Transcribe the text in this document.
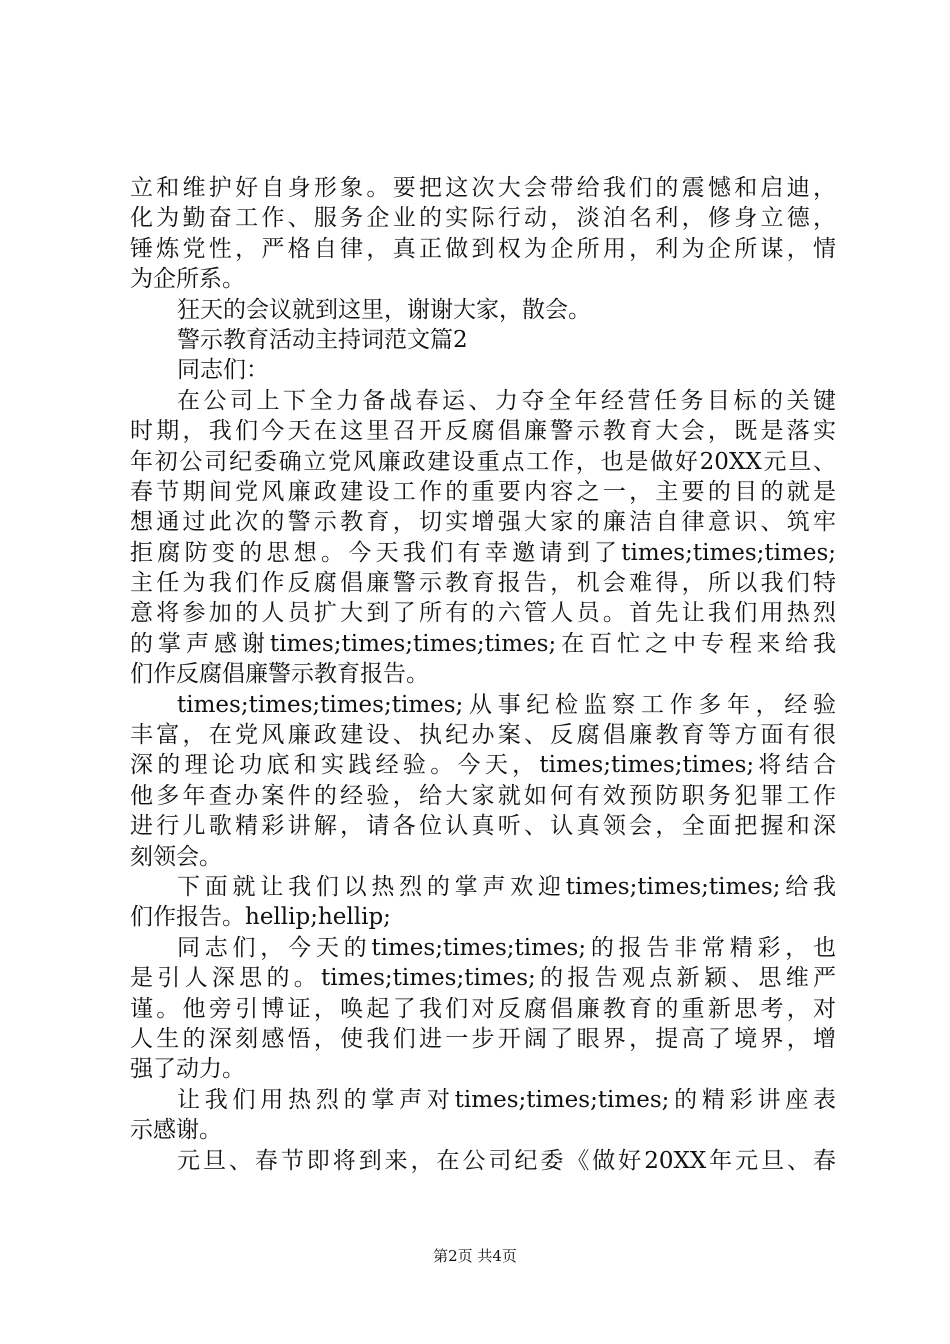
立和维护好自身形象。要把这次大会带给我们的震憾和启迪，
化为勤奋工作、服务企业的实际行动，淡泊名利，修身立德，
锤炼党性，严格自律，真正做到权为企所用，利为企所谋，情
为企所系。
狂天的会议就到这里，谢谢大家，散会。
警示教育活动主持词范文篇2
同志们：
在公司上下全力备战春运、力夺全年经营任务目标的关键
时期，我们今天在这里召开反腐倡廉警示教育大会，既是落实
年初公司纪委确立党风廉政建设重点工作，也是做好20XX元旦、
春节期间党风廉政建设工作的重要内容之一，主要的目的就是
想通过此次的警示教育，切实增强大家的廉洁自律意识、筑牢
拒腐防变的思想。今天我们有幸邀请到了times;times;times;
主任为我们作反腐倡廉警示教育报告，机会难得，所以我们特
意将参加的人员扩大到了所有的六管人员。首先让我们用热烈
的掌声感谢times;times;times;times;在百忙之中专程来给我
们作反腐倡廉警示教育报告。
times;times;times;times;从事纪检监察工作多年，经验
丰富，在党风廉政建设、执纪办案、反腐倡廉教育等方面有很
深的理论功底和实践经验。今天，times;times;times;将结合
他多年查办案件的经验，给大家就如何有效预防职务犯罪工作
进行儿歌精彩讲解，请各位认真听、认真领会，全面把握和深
刻领会。
下面就让我们以热烈的掌声欢迎times;times;times;给我
们作报告。hellip;hellip;
同志们，今天的times;times;times;的报告非常精彩，也
是引人深思的。times;times;times;的报告观点新颖、思维严
谨。他旁引博证，唤起了我们对反腐倡廉教育的重新思考，对
人生的深刻感悟，使我们进一步开阔了眼界，提高了境界，增
强了动力。
让我们用热烈的掌声对times;times;times;的精彩讲座表
示感谢。
元旦、春节即将到来，在公司纪委《做好20XX年元旦、春
第2页 共4页
